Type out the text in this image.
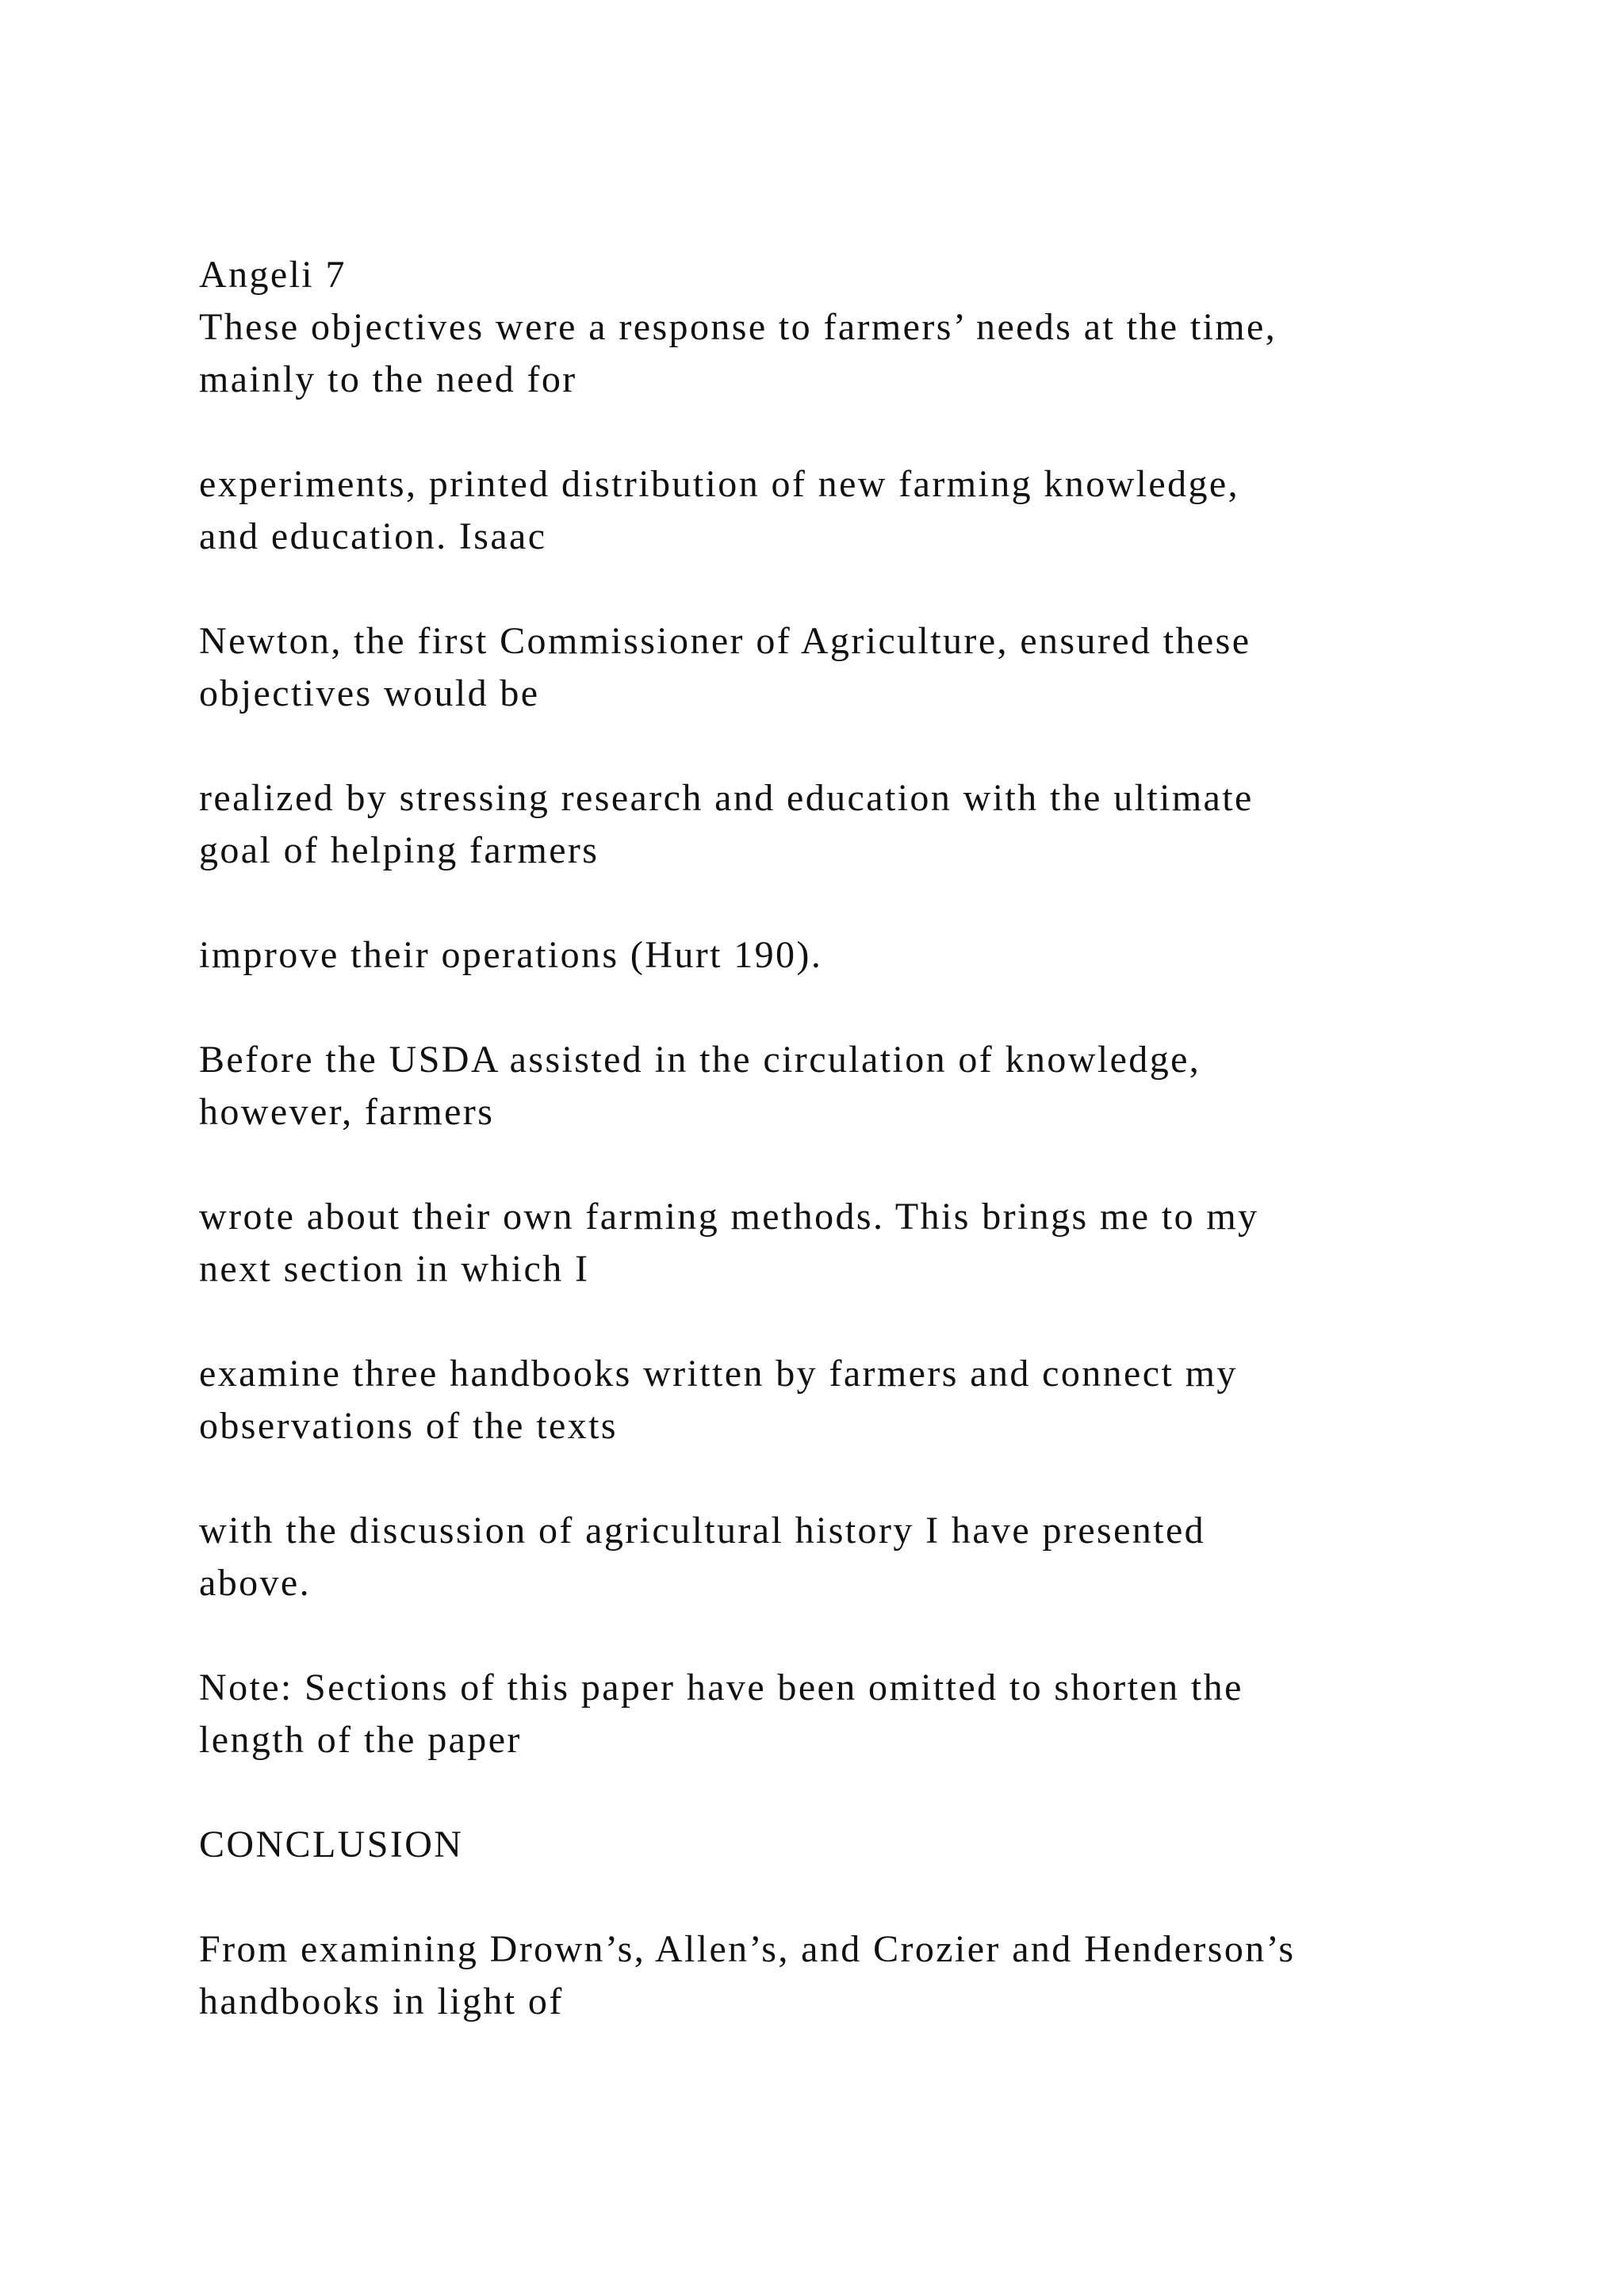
Angeli 7
These objectives were a response to farmers’ needs at the time,
mainly to the need for
experiments, printed distribution of new farming knowledge,
and education. Isaac
Newton, the first Commissioner of Agriculture, ensured these
objectives would be
realized by stressing research and education with the ultimate
goal of helping farmers
improve their operations (Hurt 190).
Before the USDA assisted in the circulation of knowledge,
however, farmers
wrote about their own farming methods. This brings me to my
next section in which I
examine three handbooks written by farmers and connect my
observations of the texts
with the discussion of agricultural history I have presented
above.
Note: Sections of this paper have been omitted to shorten the
length of the paper
CONCLUSION
From examining Drown’s, Allen’s, and Crozier and Henderson’s
handbooks in light of
